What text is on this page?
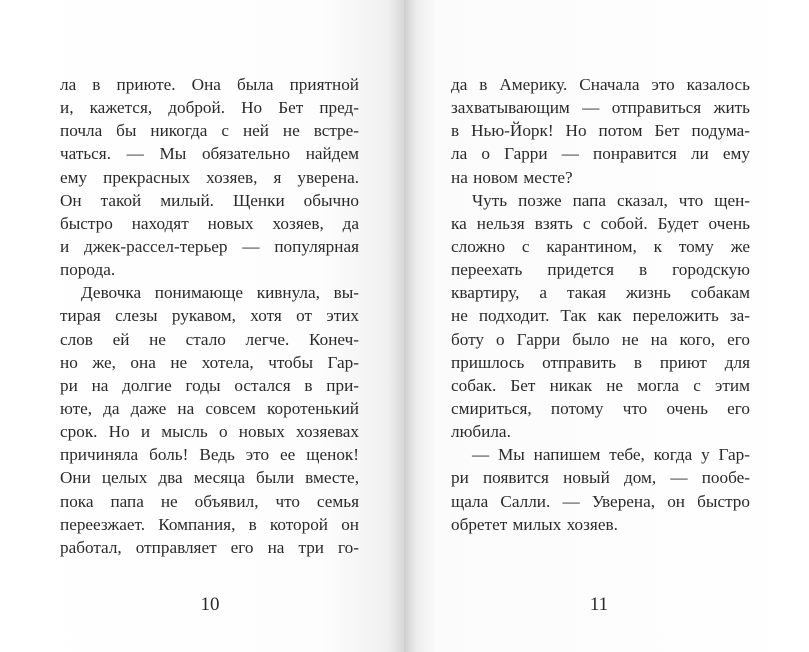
ла в приюте. Она была приятной
и, кажется, доброй. Но Бет пред-
почла бы никогда с ней не встре-
чаться. — Мы обязательно найдем
ему прекрасных хозяев, я уверена.
Он такой милый. Щенки обычно
быстро находят новых хозяев, да
и джек-рассел-терьер — популярная
порода.
Девочка понимающе кивнула, вы-
тирая слезы рукавом, хотя от этих
слов ей не стало легче. Конеч-
но же, она не хотела, чтобы Гар-
ри на долгие годы остался в при-
юте, да даже на совсем коротенький
срок. Но и мысль о новых хозяевах
причиняла боль! Ведь это ее щенок!
Они целых два месяца были вместе,
пока папа не объявил, что семья
переезжает. Компания, в которой он
работал, отправляет его на три го-
10
да в Америку. Сначала это казалось
захватывающим — отправиться жить
в Нью-Йорк! Но потом Бет подума-
ла о Гарри — понравится ли ему
на новом месте?
Чуть позже папа сказал, что щен-
ка нельзя взять с собой. Будет очень
сложно с карантином, к тому же
переехать придется в городскую
квартиру, а такая жизнь собакам
не подходит. Так как переложить за-
боту о Гарри было не на кого, его
пришлось отправить в приют для
собак. Бет никак не могла с этим
смириться, потому что очень его
любила.
— Мы напишем тебе, когда у Гар-
ри появится новый дом, — пообе-
щала Салли. — Уверена, он быстро
обретет милых хозяев.
11
